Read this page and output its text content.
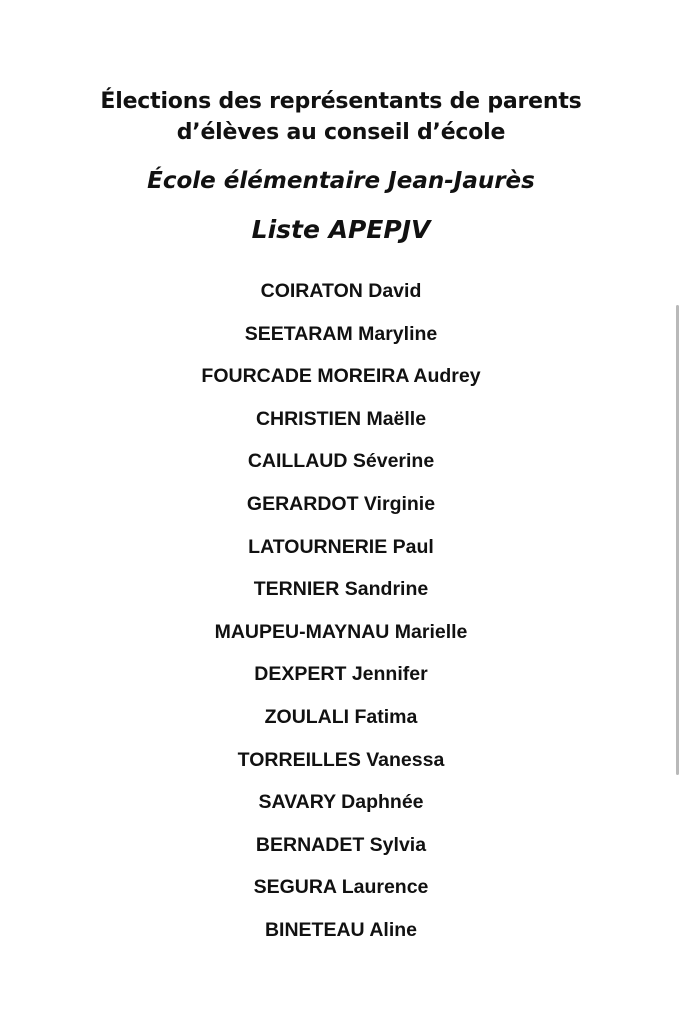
Élections des représentants de parents
d’élèves au conseil d’école
École élémentaire Jean-Jaurès
Liste APEPJV
COIRATON David
SEETARAM Maryline
FOURCADE MOREIRA Audrey
CHRISTIEN Maëlle
CAILLAUD Séverine
GERARDOT Virginie
LATOURNERIE Paul
TERNIER Sandrine
MAUPEU-MAYNAU Marielle
DEXPERT Jennifer
ZOULALI Fatima
TORREILLES Vanessa
SAVARY Daphnée
BERNADET Sylvia
SEGURA Laurence
BINETEAU Aline
